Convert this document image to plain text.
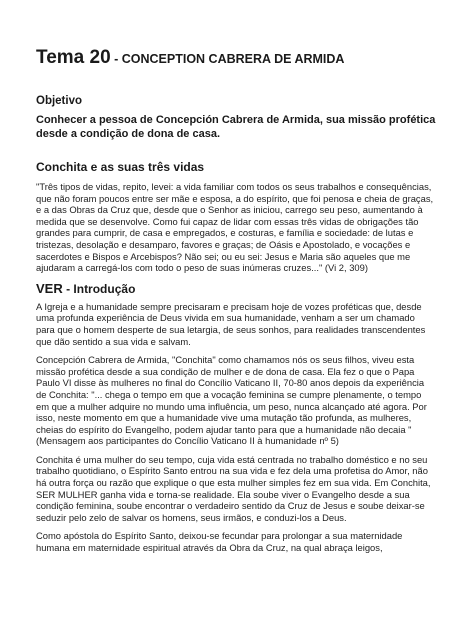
Tema 20 - CONCEPTION CABRERA DE ARMIDA
Objetivo

Conhecer a pessoa de Concepción Cabrera de Armida, sua missão profética desde a condição de dona de casa.

Conchita e as suas três vidas

"Três tipos de vidas, repito, levei: a vida familiar com todos os seus trabalhos e consequências, que não foram poucos entre ser mãe e esposa, a do espírito, que foi penosa e cheia de graças, e a das Obras da Cruz que, desde que o Senhor as iniciou, carrego seu peso, aumentando à medida que se desenvolve. Como fui capaz de lidar com essas três vidas de obrigações tão grandes para cumprir, de casa e empregados, e costuras, e família e sociedade: de lutas e tristezas, desolação e desamparo, favores e graças; de Oásis e Apostolado, e vocações e sacerdotes e Bispos e Arcebispos? Não sei; ou eu sei: Jesus e Maria são aqueles que me ajudaram a carregá-los com todo o peso de suas inúmeras cruzes..." (Vi 2, 309)

VER - Introdução

A Igreja e a humanidade sempre precisaram e precisam hoje de vozes proféticas que, desde uma profunda experiência de Deus vivida em sua humanidade, venham a ser um chamado para que o homem desperte de sua letargia, de seus sonhos, para realidades transcendentes que dão sentido a sua vida e salvam.

Concepción Cabrera de Armida, "Conchita" como chamamos nós os seus filhos, viveu esta missão profética desde a sua condição de mulher e de dona de casa. Ela fez o que o Papa Paulo VI disse às mulheres no final do Concílio Vaticano II, 70-80 anos depois da experiência de Conchita: "... chega o tempo em que a vocação feminina se cumpre plenamente, o tempo em que a mulher adquire no mundo uma influência, um peso, nunca alcançado até agora. Por isso, neste momento em que a humanidade vive uma mutação tão profunda, as mulheres, cheias do espírito do Evangelho, podem ajudar tanto para que a humanidade não decaia "(Mensagem aos participantes do Concílio Vaticano II à humanidade nº 5)

Conchita é uma mulher do seu tempo, cuja vida está centrada no trabalho doméstico e no seu trabalho quotidiano, o Espírito Santo entrou na sua vida e fez dela uma profetisa do Amor, não há outra força ou razão que explique o que esta mulher simples fez em sua vida. Em Conchita, SER MULHER ganha vida e torna-se realidade. Ela soube viver o Evangelho desde a sua condição feminina, soube encontrar o verdadeiro sentido da Cruz de Jesus e soube deixar-se seduzir pelo zelo de salvar os homens, seus irmãos, e conduzi-los a Deus.

Como apóstola do Espírito Santo, deixou-se fecundar para prolongar a sua maternidade humana em maternidade espiritual através da Obra da Cruz, na qual abraça leigos,
